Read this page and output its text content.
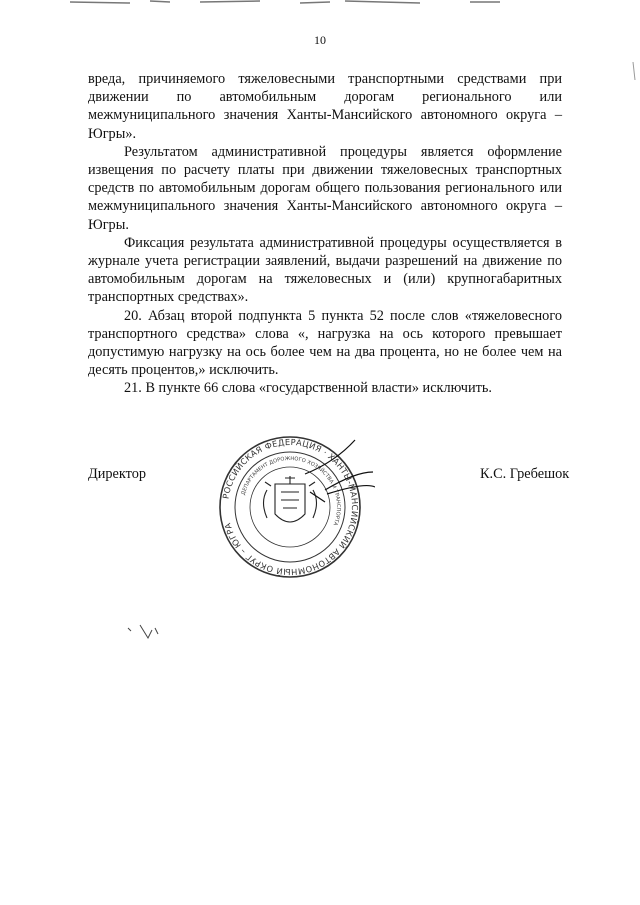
10

вреда, причиняемого тяжеловесными транспортными средствами при движении по автомобильным дорогам регионального или межмуниципального значения Ханты-Мансийского автономного округа – Югры».

Результатом административной процедуры является оформление извещения по расчету платы при движении тяжеловесных транспортных средств по автомобильным дорогам общего пользования регионального или межмуниципального значения Ханты-Мансийского автономного округа – Югры.

Фиксация результата административной процедуры осуществляется в журнале учета регистрации заявлений, выдачи разрешений на движение по автомобильным дорогам на тяжеловесных и (или) крупногабаритных транспортных средствах».

20. Абзац второй подпункта 5 пункта 52 после слов «тяжеловесного транспортного средства» слова «, нагрузка на ось которого превышает допустимую нагрузку на ось более чем на два процента, но не более чем на десять процентов,» исключить.

21. В пункте 66 слова «государственной власти» исключить.

Директор	К.С. Гребешок
РОССИЙСКАЯ ФЕДЕРАЦИЯ · ХАНТЫ-МАНСИЙСКИЙ АВТОНОМНЫЙ ОКРУГ – ЮГРА
ДЕПАРТАМЕНТ ДОРОЖНОГО ХОЗЯЙСТВА И ТРАНСПОРТА
